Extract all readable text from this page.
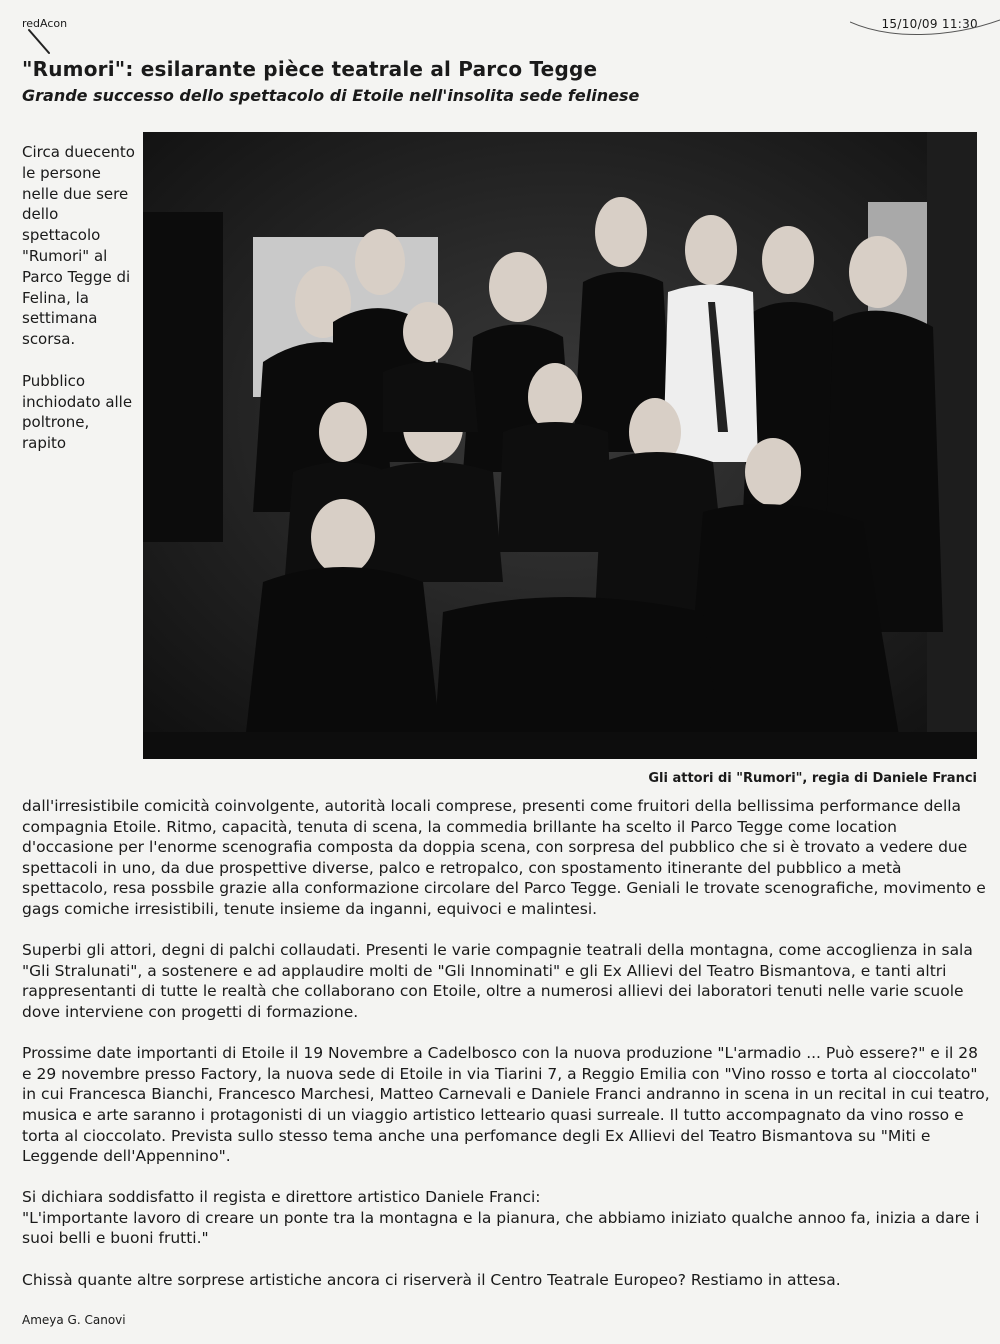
redAcon	15/10/09 11:30
"Rumori": esilarante pièce teatrale al Parco Tegge
Grande successo dello spettacolo di Etoile nell'insolita sede felinese

Circa duecento le persone nelle due sere dello spettacolo "Rumori" al Parco Tegge di Felina, la settimana scorsa.

Pubblico inchiodato alle poltrone, rapito

Gli attori di "Rumori", regia di Daniele Franci

dall'irresistibile comicità coinvolgente, autorità locali comprese, presenti come fruitori della bellissima performance della compagnia Etoile. Ritmo, capacità, tenuta di scena, la commedia brillante ha scelto il Parco Tegge come location d'occasione per l'enorme scenografia composta da doppia scena, con sorpresa del pubblico che si è trovato a vedere due spettacoli in uno, da due prospettive diverse, palco e retropalco, con spostamento itinerante del pubblico a metà spettacolo, resa possbile grazie alla conformazione circolare del Parco Tegge. Geniali le trovate scenografiche, movimento e gags comiche irresistibili, tenute insieme da inganni, equivoci e malintesi.

Superbi gli attori, degni di palchi collaudati. Presenti le varie compagnie teatrali della montagna, come accoglienza in sala "Gli Stralunati", a sostenere e ad applaudire molti de "Gli Innominati" e gli Ex Allievi del Teatro Bismantova, e tanti altri rappresentanti di tutte le realtà che collaborano con Etoile, oltre a numerosi allievi dei laboratori tenuti nelle varie scuole dove interviene con progetti di formazione.

Prossime date importanti di Etoile il 19 Novembre a Cadelbosco con la nuova produzione "L'armadio ... Può essere?" e il 28 e 29 novembre presso Factory, la nuova sede di Etoile in via Tiarini 7, a Reggio Emilia con "Vino rosso e torta al cioccolato" in cui Francesca Bianchi, Francesco Marchesi, Matteo Carnevali e Daniele Franci andranno in scena in un recital in cui teatro, musica e arte saranno i protagonisti di un viaggio artistico letteario quasi surreale. Il tutto accompagnato da vino rosso e torta al cioccolato. Prevista sullo stesso tema anche una perfomance degli Ex Allievi del Teatro Bismantova su "Miti e Leggende dell'Appennino".

Si dichiara soddisfatto il regista e direttore artistico Daniele Franci:
"L'importante lavoro di creare un ponte tra la montagna e la pianura, che abbiamo iniziato qualche annoo fa, inizia a dare i suoi belli e buoni frutti."

Chissà quante altre sorprese artistiche ancora ci riserverà il Centro Teatrale Europeo? Restiamo in attesa.

Ameya G. Canovi
